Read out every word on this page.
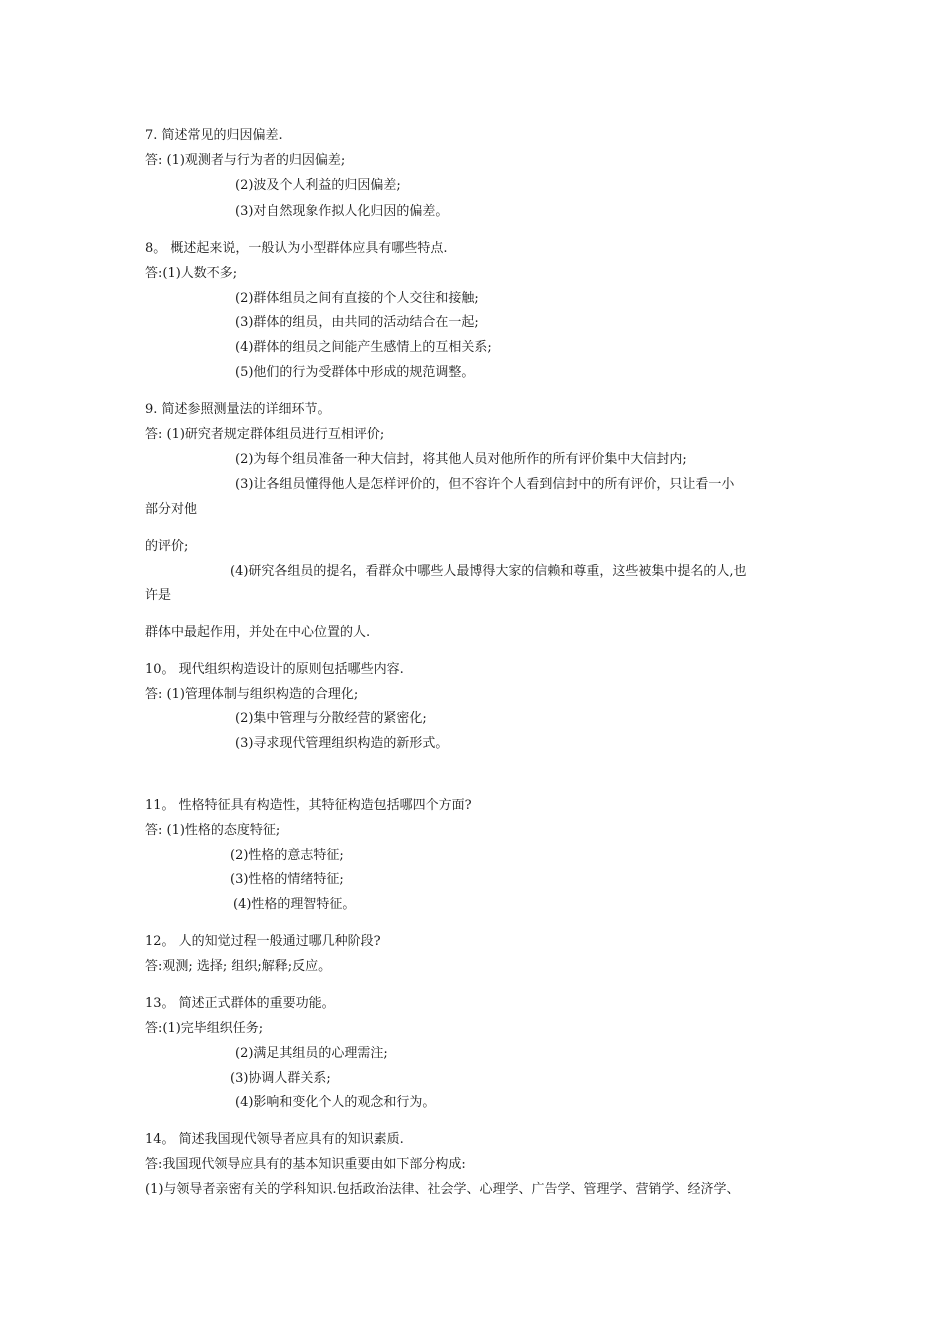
7. 简述常见的归因偏差.
答: (1)观测者与行为者的归因偏差;
(2)波及个人利益的归因偏差;
(3)对自然现象作拟人化归因的偏差。
8。 概述起来说，一般认为小型群体应具有哪些特点.
答:(1)人数不多;
(2)群体组员之间有直接的个人交往和接触;
(3)群体的组员，由共同的活动结合在一起;
(4)群体的组员之间能产生感情上的互相关系;
(5)他们的行为受群体中形成的规范调整。
9. 简述参照测量法的详细环节。
答: (1)研究者规定群体组员进行互相评价;
(2)为每个组员准备一种大信封，将其他人员对他所作的所有评价集中大信封内;
(3)让各组员懂得他人是怎样评价的，但不容许个人看到信封中的所有评价，只让看一小
部分对他
的评价;
(4)研究各组员的提名，看群众中哪些人最博得大家的信赖和尊重，这些被集中提名的人,也
许是
群体中最起作用，并处在中心位置的人.
10。 现代组织构造设计的原则包括哪些内容.
答: (1)管理体制与组织构造的合理化;
(2)集中管理与分散经营的紧密化;
(3)寻求现代管理组织构造的新形式。
11。 性格特征具有构造性，其特征构造包括哪四个方面?
答: (1)性格的态度特征;
(2)性格的意志特征;
(3)性格的情绪特征;
(4)性格的理智特征。
12。 人的知觉过程一般通过哪几种阶段?
答:观测; 选择; 组织;解释;反应。
13。 简述正式群体的重要功能。
答:(1)完毕组织任务;
(2)满足其组员的心理需注;
(3)协调人群关系;
(4)影响和变化个人的观念和行为。
14。 简述我国现代领导者应具有的知识素质.
答:我国现代领导应具有的基本知识重要由如下部分构成:
(1)与领导者亲密有关的学科知识.包括政治法律、社会学、心理学、广告学、管理学、营销学、经济学、
